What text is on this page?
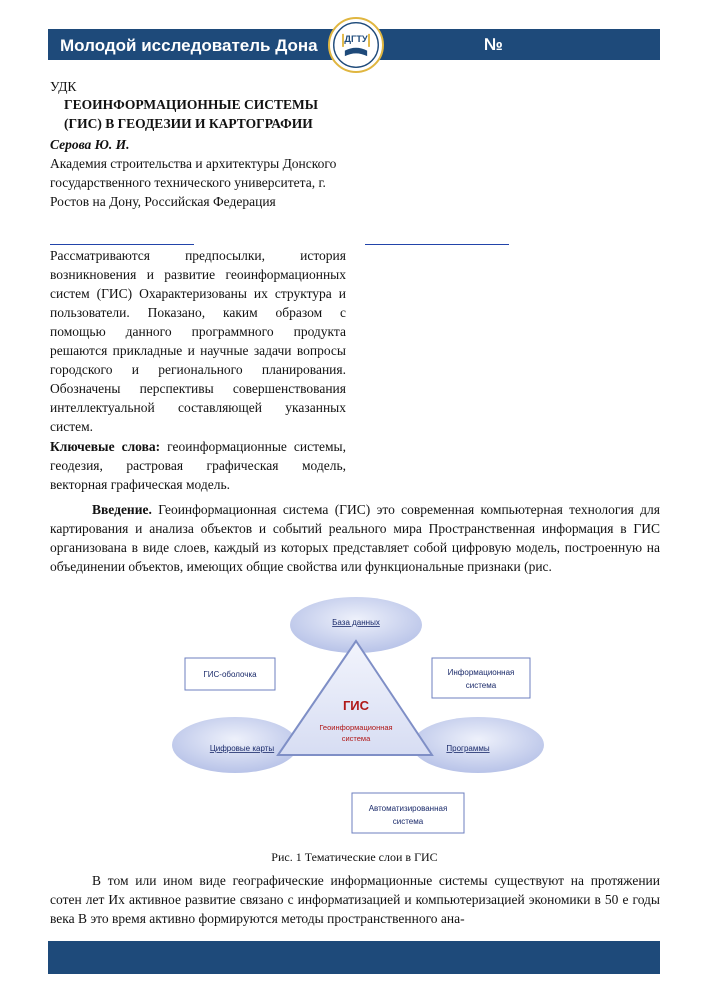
Молодой исследователь Дона	№
ДГТУ
УДК
ГЕОИНФОРМАЦИОННЫЕ СИСТЕМЫ
(ГИС) В ГЕОДЕЗИИ И КАРТОГРАФИИ
Серова Ю. И.
Академия строительства и архитектуры Донского государственного технического университета, г. Ростов на Дону, Российская Федерация
Рассматриваются предпосылки, история возникновения и развитие геоинформационных систем (ГИС) Охарактеризованы их структура и пользователи. Показано, каким образом с помощью данного программного продукта решаются прикладные и научные задачи вопросы городского и регионального планирования. Обозначены перспективы совершенствования интеллектуальной составляющей указанных систем.
Ключевые слова: геоинформационные системы, геодезия, растровая графическая модель, векторная графическая модель.
Введение. Геоинформационная система (ГИС) это современная компьютерная технология для картирования и анализа объектов и событий реального мира Пространственная информация в ГИС организована в виде слоев, каждый из которых представляет собой цифровую модель, построенную на объединении объектов, имеющих общие свойства или функциональные признаки (рис.
База данных
Цифровые карты	Программы
ГИС-оболочка	Информационная
система
Автоматизированная
система
ГИС
Геоинформационная
система
Рис. 1 Тематические слои в ГИС
В том или ином виде географические информационные системы существуют на протяжении сотен лет Их активное развитие связано с информатизацией и компьютеризацией экономики в 50 е годы века В это время активно формируются методы пространственного ана-
